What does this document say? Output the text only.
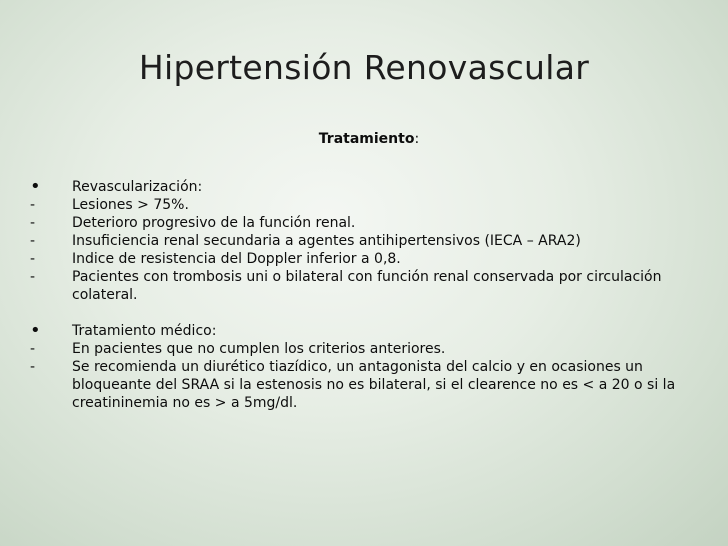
Hipertensión Renovascular
Tratamiento:
•	Revascularización:
-	Lesiones > 75%.
-	Deterioro progresivo de la función renal.
-	Insuficiencia renal secundaria a agentes antihipertensivos (IECA – ARA2)
-	Indice de resistencia del Doppler inferior a 0,8.
-	Pacientes con trombosis uni o bilateral con función renal conservada por circulación colateral.
•	Tratamiento médico:
-	En pacientes que no cumplen los criterios anteriores.
-	Se recomienda un diurético tiazídico, un antagonista del calcio y en ocasiones un bloqueante del SRAA si la estenosis no es bilateral, si el clearence no es < a 20 o si la creatininemia no es > a 5mg/dl.
